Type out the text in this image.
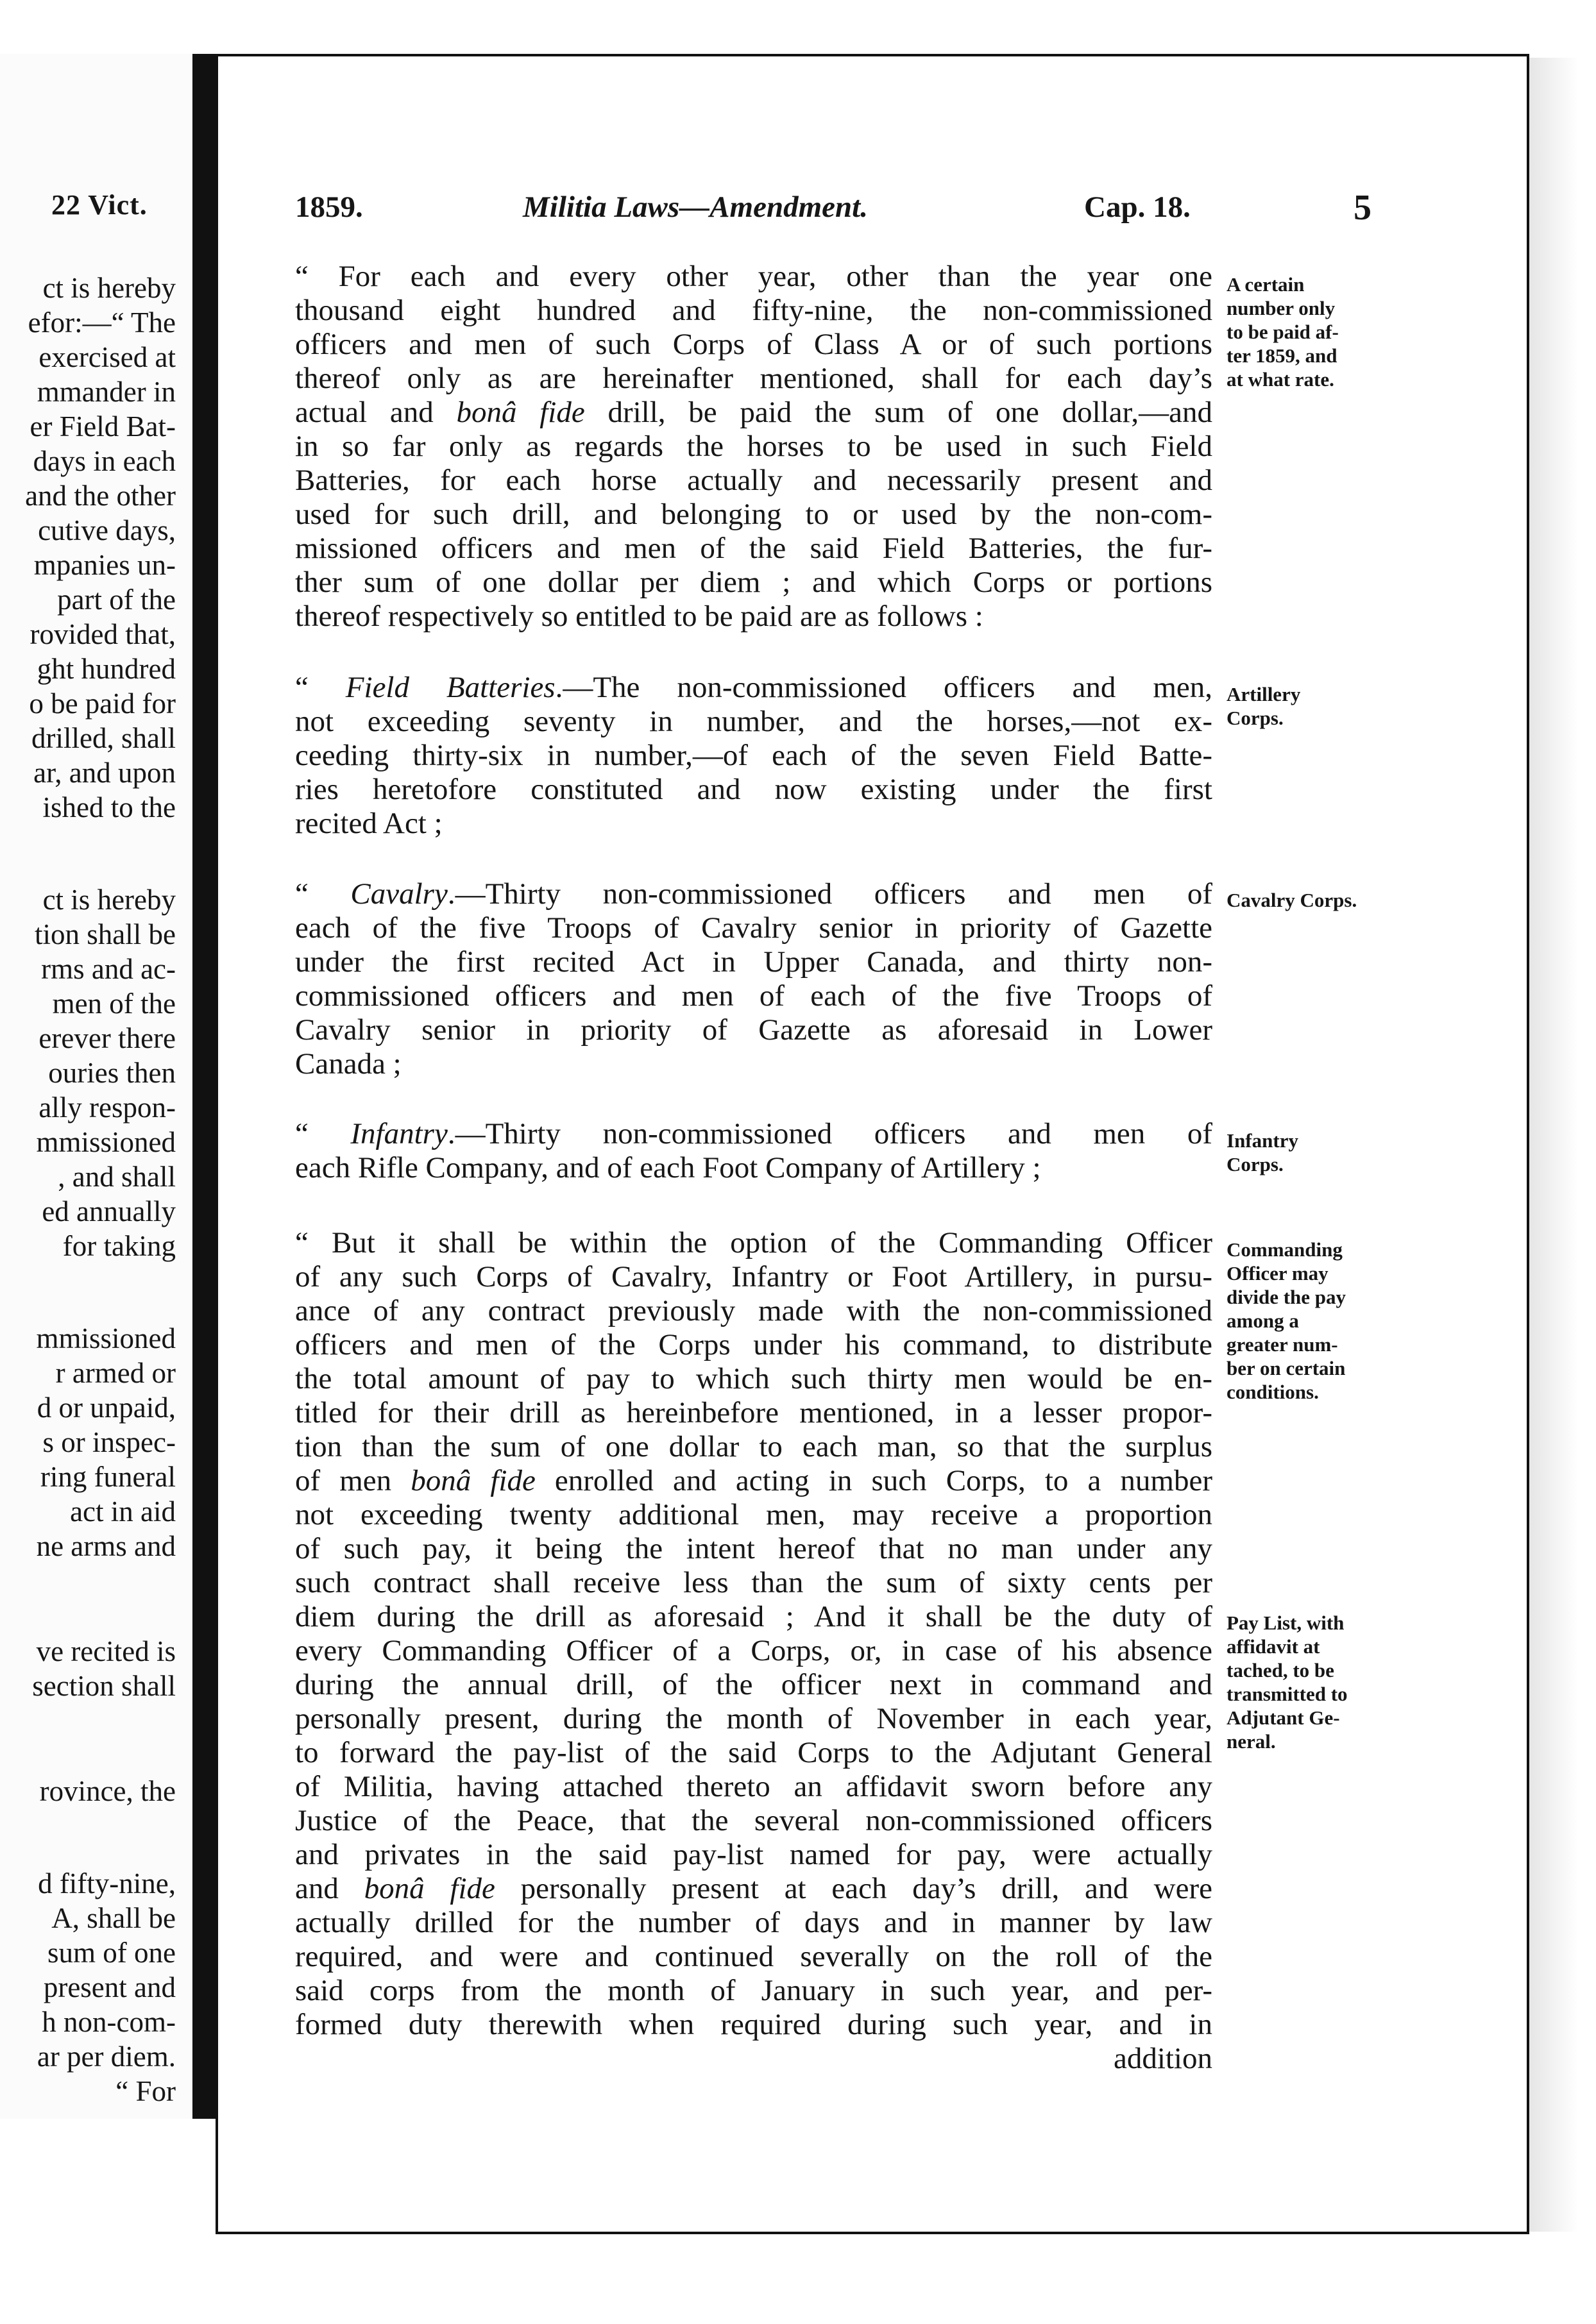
22 Vict.
ct is hereby
efor:—“ The
exercised at
mmander in
er Field Bat-
days in each
and the other
cutive days,
mpanies un-
part of the
rovided that,
ght hundred
o be paid for
drilled, shall
ar, and upon
ished to the
ct is hereby
tion shall be
rms and ac-
men of the
erever there
ouries then
ally respon-
mmissioned
, and shall
ed annually
for taking
mmissioned
r armed or
d or unpaid,
s or inspec-
ring funeral
act in aid
ne arms and
ve recited is
section shall
rovince, the
d fifty-nine,
A, shall be
sum of one
present and
h non-com-
ar per diem.
“ For
1859.	Militia Laws—Amendment.	Cap. 18.	5
“ For each and every other year, other than the year one
thousand eight hundred and fifty-nine, the non-commissioned
officers and men of such Corps of Class A or of such portions
thereof only as are hereinafter mentioned, shall for each day’s
actual and bonâ fide drill, be paid the sum of one dollar,—and
in so far only as regards the horses to be used in such Field
Batteries, for each horse actually and necessarily present and
used for such drill, and belonging to or used by the non-com-
missioned officers and men of the said Field Batteries, the fur-
ther sum of one dollar per diem ; and which Corps or portions
thereof respectively so entitled to be paid are as follows :
“ Field Batteries.—The non-commissioned officers and men,
not exceeding seventy in number, and the horses,—not ex-
ceeding thirty-six in number,—of each of the seven Field Batte-
ries heretofore constituted and now existing under the first
recited Act ;
“ Cavalry.—Thirty non-commissioned officers and men of
each of the five Troops of Cavalry senior in priority of Gazette
under the first recited Act in Upper Canada, and thirty non-
commissioned officers and men of each of the five Troops of
Cavalry senior in priority of Gazette as aforesaid in Lower
Canada ;
“ Infantry.—Thirty non-commissioned officers and men of
each Rifle Company, and of each Foot Company of Artillery ;
“ But it shall be within the option of the Commanding Officer
of any such Corps of Cavalry, Infantry or Foot Artillery, in pursu-
ance of any contract previously made with the non-commissioned
officers and men of the Corps under his command, to distribute
the total amount of pay to which such thirty men would be en-
titled for their drill as hereinbefore mentioned, in a lesser propor-
tion than the sum of one dollar to each man, so that the surplus
of men bonâ fide enrolled and acting in such Corps, to a number
not exceeding twenty additional men, may receive a proportion
of such pay, it being the intent hereof that no man under any
such contract shall receive less than the sum of sixty cents per
diem during the drill as aforesaid ; And it shall be the duty of
every Commanding Officer of a Corps, or, in case of his absence
during the annual drill, of the officer next in command and
personally present, during the month of November in each year,
to forward the pay-list of the said Corps to the Adjutant General
of Militia, having attached thereto an affidavit sworn before any
Justice of the Peace, that the several non-commissioned officers
and privates in the said pay-list named for pay, were actually
and bonâ fide personally present at each day’s drill, and were
actually drilled for the number of days and in manner by law
required, and were and continued severally on the roll of the
said corps from the month of January in such year, and per-
formed duty therewith when required during such year, and in
addition
A certain
number only
to be paid af-
ter 1859, and
at what rate.
Artillery
Corps.
Cavalry Corps.
Infantry
Corps.
Commanding
Officer may
divide the pay
among a
greater num-
ber on certain
conditions.
Pay List, with
affidavit at
tached, to be
transmitted to
Adjutant Ge-
neral.
